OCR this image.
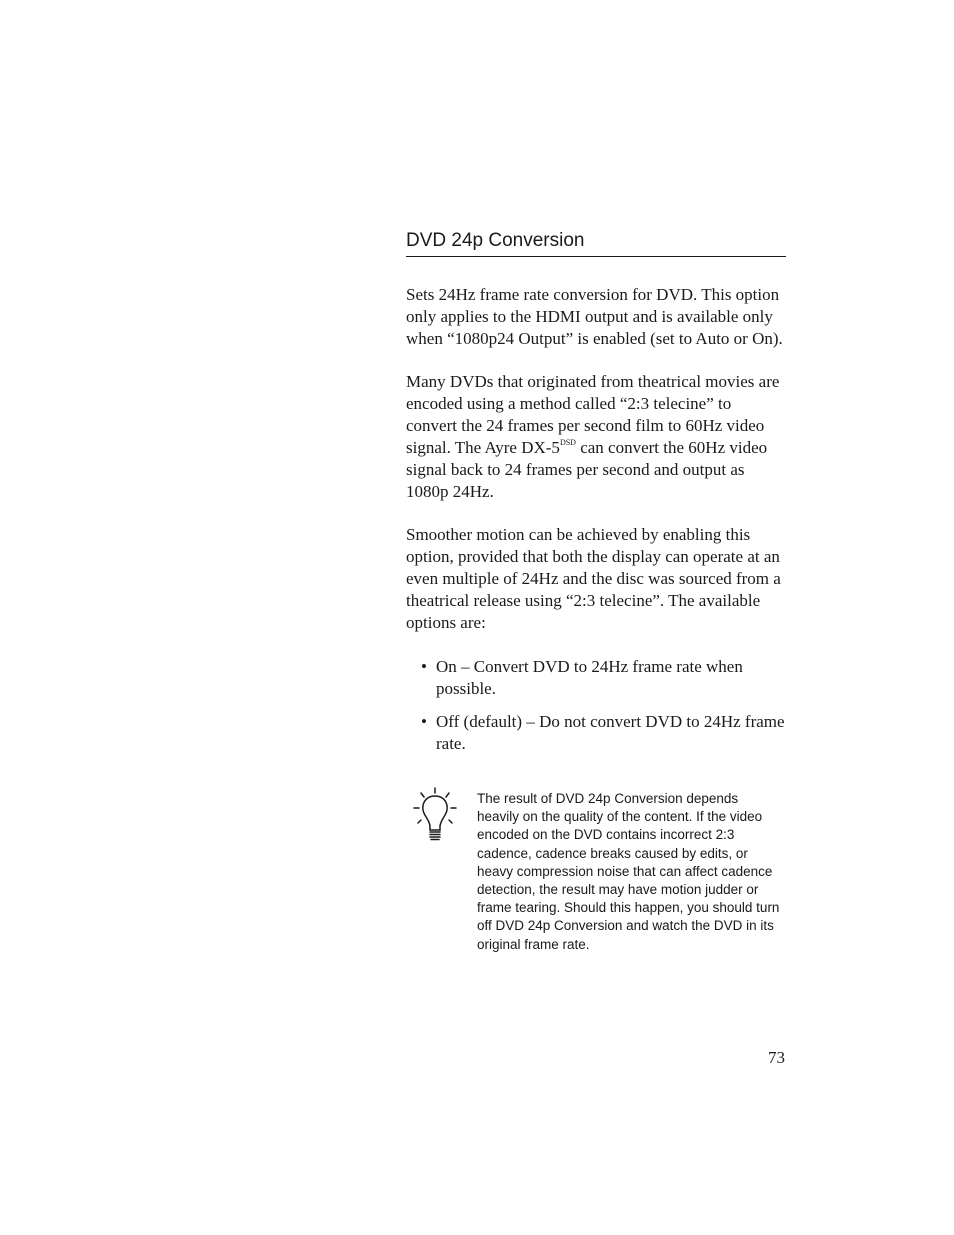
DVD 24p Conversion

Sets 24Hz frame rate conversion for DVD. This option only applies to the HDMI output and is available only when “1080p24 Output” is enabled (set to Auto or On).

Many DVDs that originated from theatrical movies are encoded using a method called “2:3 telecine” to convert the 24 frames per second film to 60Hz video signal. The Ayre $DX-5^{DSD}$ can convert the 60Hz video signal back to 24 frames per second and output as 1080p 24Hz.

Smoother motion can be achieved by enabling this option, provided that both the display can operate at an even multiple of 24Hz and the disc was sourced from a theatrical release using “2:3 telecine”. The available options are:

• On – Convert DVD to 24Hz frame rate when possible.
• Off (default) – Do not convert DVD to 24Hz frame rate.

The result of DVD 24p Conversion depends heavily on the quality of the content. If the video encoded on the DVD contains incorrect 2:3 cadence, cadence breaks caused by edits, or heavy compression noise that can affect cadence detection, the result may have motion judder or frame tearing. Should this happen, you should turn off DVD 24p Conversion and watch the DVD in its original frame rate.

73
